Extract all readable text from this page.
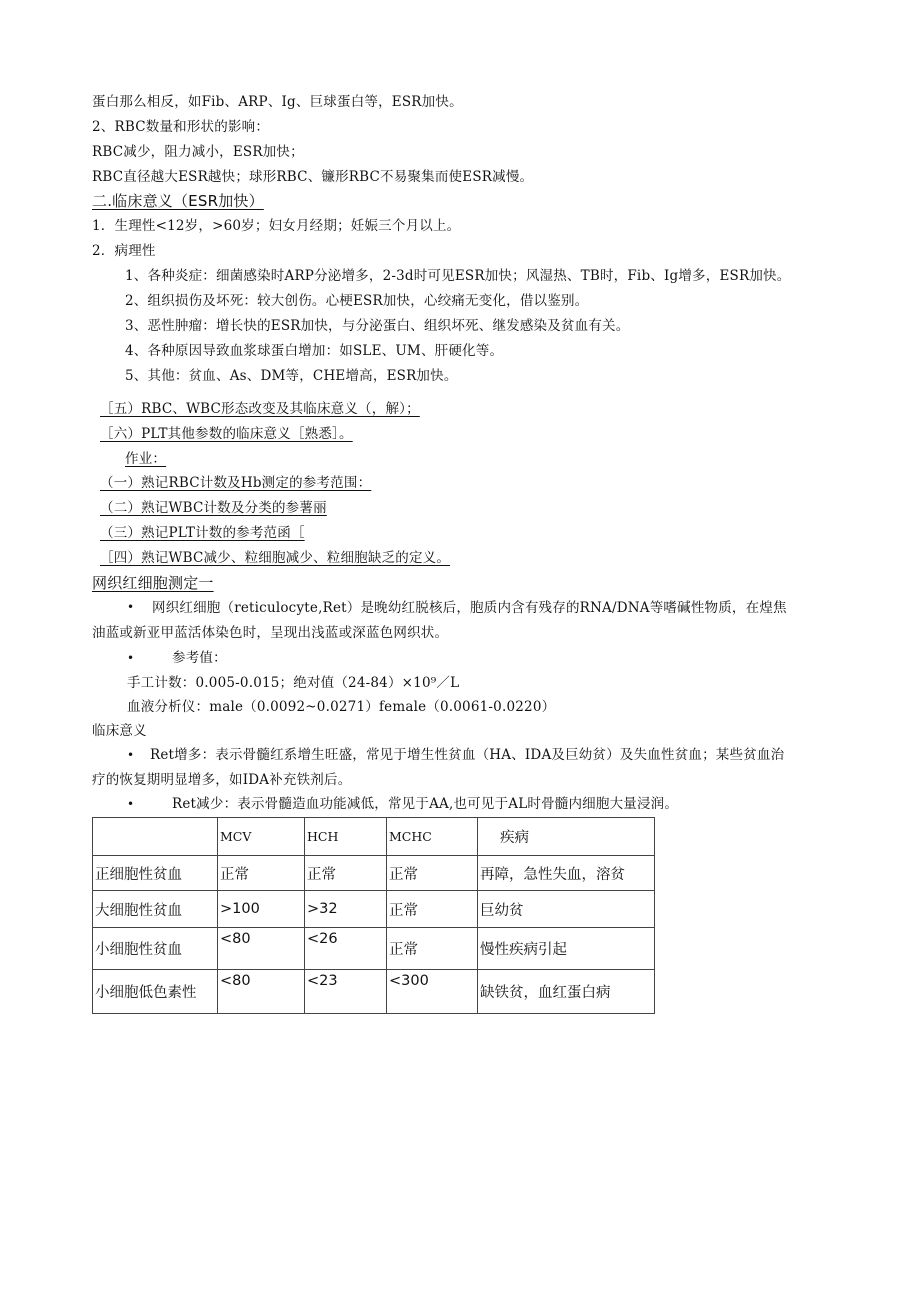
蛋白那么相反，如Fib、ARP、Ig、巨球蛋白等，ESR加快。
2、RBC数量和形状的影响：
RBC减少，阻力减小，ESR加快；
RBC直径越大ESR越快；球形RBC、镰形RBC不易聚集而使ESR减慢。
二.临床意义（ESR加快）
1．生理性<12岁，>60岁；妇女月经期；妊娠三个月以上。
2．病理性
1、各种炎症：细菌感染时ARP分泌增多，2-3d时可见ESR加快；风湿热、TB时，Fib、Ig增多，ESR加快。
2、组织损伤及坏死：较大创伤。心梗ESR加快，心绞痛无变化，借以鉴别。
3、恶性肿瘤：增长快的ESR加快，与分泌蛋白、组织坏死、继发感染及贫血有关。
4、各种原因导致血浆球蛋白增加：如SLE、UM、肝硬化等。
5、其他：贫血、As、DM等，CHE增高，ESR加快。
［五）RBC、WBC形态改变及其临床意义（，解）；
［六）PLT其他参数的临床意义［熟悉］。
作业：
（一）熟记RBC计数及Hb测定的参考范围：
（二）熟记WBC计数及分类的参薯丽
（三）熟记PLT计数的参考范函［
［四）熟记WBC减少、粒细胞减少、粒细胞缺乏的定义。
网织红细胞测定一
• 网织红细胞（reticulocyte,Ret）是晚幼红脱核后，胞质内含有残存的RNA/DNA等嗜碱性物质，在煌焦
油蓝或新亚甲蓝活体染色时，呈现出浅蓝或深蓝色网织状。
•	参考值：
手工计数：0.005-0.015；绝对值（24-84）×10⁹／L
血液分析仪：male（0.0092~0.0271）female（0.0061-0.0220）
临床意义
• Ret增多：表示骨髓红系增生旺盛，常见于增生性贫血（HA、IDA及巨幼贫）及失血性贫血；某些贫血治
疗的恢复期明显增多，如IDA补充铁剂后。
•	Ret减少：表示骨髓造血功能减低，常见于AA,也可见于AL时骨髓内细胞大量浸润。
	MCV	HCH	MCHC	疾病
正细胞性贫血	正常	正常	正常	再障，急性失血，溶贫
大细胞性贫血	>100	>32	正常	巨幼贫
小细胞性贫血	<80	<26	正常	慢性疾病引起
小细胞低色素性	<80	<23	<300	缺铁贫，血红蛋白病
